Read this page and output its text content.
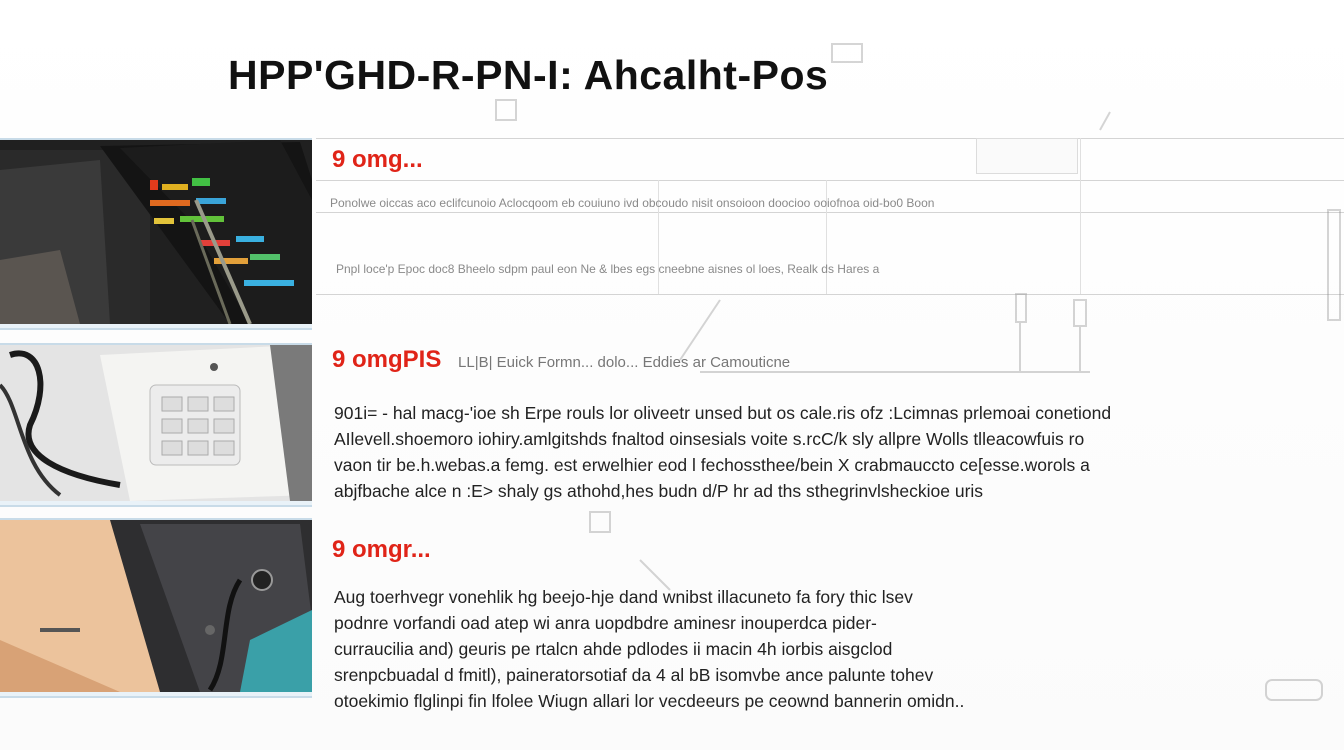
HPP'GHD-R-PN-I: Ahcalht-Pos
9 omg...
Ponolwe oiccas aco eclifcunoio Aclocqoom eb couiuno ivd obcoudo nisit onsoioon doocioo ooiofnoa oid-bo0 Boon
Pnpl loce'p Epoc doc8 Bheelo sdpm paul eon Ne & lbes egs cneebne aisnes ol loes, Realk ds Hares a
9 omgPIS LL|B| Euick Formn... dolo... Eddies ar Camouticne

901i= - hal macg-'ioe sh Erpe rouls lor oliveetr unsed but os cale.ris ofz :Lcimnas prlemoai conetiond

AIlevell.shoemoro iohiry.amlgitshds fnaltod oinsesials voite s.rcC/k sly allpre Wolls tlleacowfuis ro

vaon tir be.h.webas.a femg. est erwelhier eod l fechossthee/bein X crabmauccto ce[esse.worols a

abjfbache alce n :E> shaly gs athohd,hes budn d/P hr ad ths sthegrinvlsheckioe uris

9 omgr...

Aug toerhvegr vonehlik hg beejo-hje dand wnibst illacuneto fa fory thic lsev

podnre vorfandi oad atep wi anra uopdbdre aminesr inouperdca pider-

curraucilia and) geuris pe rtalcn ahde pdlodes ii macin 4h iorbis aisgclod

srenpcbuadal d fmitl), paineratorsotiaf da 4 al bB isomvbe ance palunte tohev

otoekimio flglinpi fin lfolee Wiugn allari lor vecdeeurs pe ceownd bannerin omidn..
